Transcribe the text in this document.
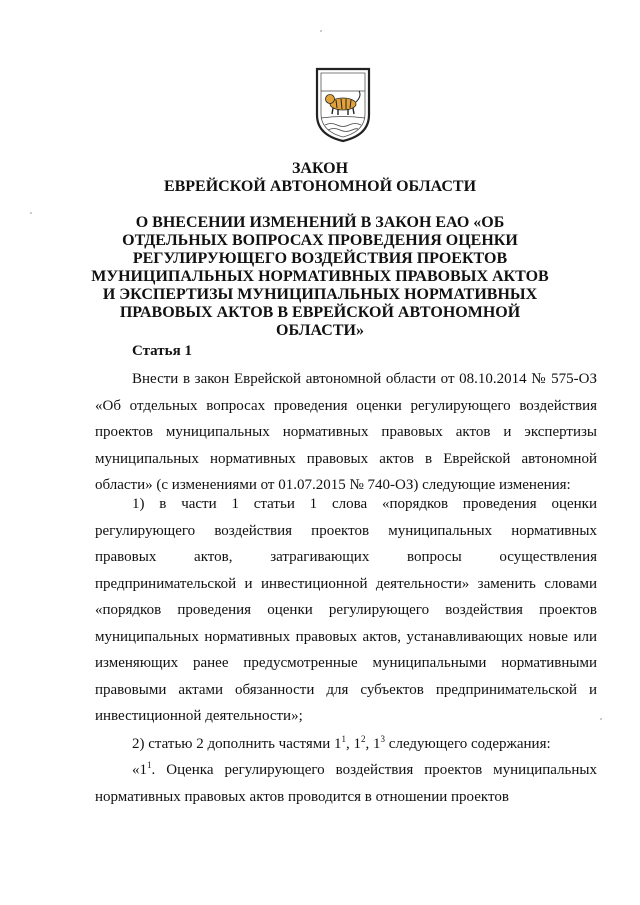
ЗАКОН
ЕВРЕЙСКОЙ АВТОНОМНОЙ ОБЛАСТИ
О ВНЕСЕНИИ ИЗМЕНЕНИЙ В ЗАКОН ЕАО «ОБ ОТДЕЛЬНЫХ ВОПРОСАХ ПРОВЕДЕНИЯ ОЦЕНКИ РЕГУЛИРУЮЩЕГО ВОЗДЕЙСТВИЯ ПРОЕКТОВ МУНИЦИПАЛЬНЫХ НОРМАТИВНЫХ ПРАВОВЫХ АКТОВ И ЭКСПЕРТИЗЫ МУНИЦИПАЛЬНЫХ НОРМАТИВНЫХ ПРАВОВЫХ АКТОВ В ЕВРЕЙСКОЙ АВТОНОМНОЙ ОБЛАСТИ»
Статья 1

Внести в закон Еврейской автономной области от 08.10.2014 № 575-ОЗ «Об отдельных вопросах проведения оценки регулирующего воздействия проектов муниципальных нормативных правовых актов и экспертизы муниципальных нормативных правовых актов в Еврейской автономной области» (с изменениями от 01.07.2015 № 740-ОЗ) следующие изменения:

1) в части 1 статьи 1 слова «порядков проведения оценки регулирующего воздействия проектов муниципальных нормативных правовых актов, затрагивающих вопросы осуществления предпринимательской и инвестиционной деятельности» заменить словами «порядков проведения оценки регулирующего воздействия проектов муниципальных нормативных правовых актов, устанавливающих новые или изменяющих ранее предусмотренные муниципальными нормативными правовыми актами обязанности для субъектов предпринимательской и инвестиционной деятельности»;

2) статью 2 дополнить частями $1^1$, $1^2$, $1^3$ следующего содержания:

«$1^1$. Оценка регулирующего воздействия проектов муниципальных нормативных правовых актов проводится в отношении проектов
